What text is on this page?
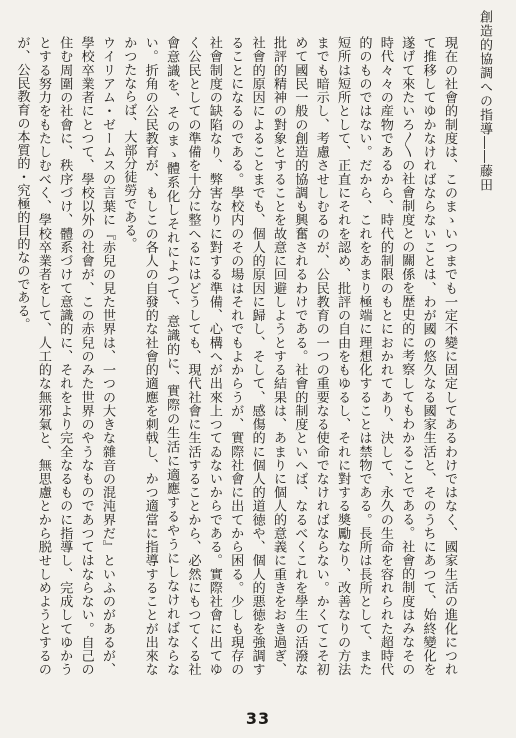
創造的協調への指導――藤田

現在の社會的制度は、このまゝいつまでも一定不變に固定してあるわけではなく、國家生活の進化につれて推移してゆかなければならないことは、わが國の悠久なる國家生活と、そのうちにあつて、始終變化を遂げて來たいろ〳〵の社會制度との關係を歴史的に考察してもわかることである。社會的制度はみなその時代々々の産物であるから、時代的制限のもとにおかれてあり、決して、永久の生命を容れられた超時代的のものではない。だから、これをあまり極端に理想化することは禁物である。長所は長所として、また短所は短所として、正直にそれを認め、批評の自由をもゆるし、それに對する奬勵なり、改善なりの方法までも暗示し、考慮させしむるのが、公民教育の一つの重要なる使命でなければならない。かくてこそ初めて國民一般の創造的協調も興奮されるわけである。社會的制度といへば、なるべくこれを學生の活潑な批評的精神の對象とすることを故意に回避しようとする結果は、あまりに個人的意義に重きをおき過ぎ、社會的原因によることまでも、個人的原因に歸し、そして、感傷的に個人的道徳や、個人的悪徳を強調することになるのである。學校内のその場はそれでもよからうが、實際社會に出てから困る。少しも現存の社會制度の缺陷なり、弊害なりに對する準備、心構へが出來上つてゐないからである。實際社會に出てゆく公民としての準備を十分に整へるにはどうしても、現代社會に生活することから、必然にもつてくる社會意識を、そのまゝ體系化しそれによつて、意識的に、實際の生活に適應するやうにしなければならない。折角の公民教育が、もしこの各人の自發的な社會的適應を刺戟し、かつ適當に指導することが出來なかつたならば、大部分徒勞である。

ウイリアム・ゼームスの言葉に『赤兒の見た世界は、一つの大きな雜音の混沌界だ』といふのがあるが、學校卒業者にとつて、學校以外の社會が、この赤兒のみた世界のやうなものであつてはならない。自己の住む周圍の社會に、秩序づけ、體系づけて意識的に、それをより完全なるものに指導し、完成してゆかうとする努力をもたしむべく、學校卒業者をして、人工的な無邪氣と、無思慮とから脱せしめようとするのが、公民教育の本質的・究極的目的なのである。

33
